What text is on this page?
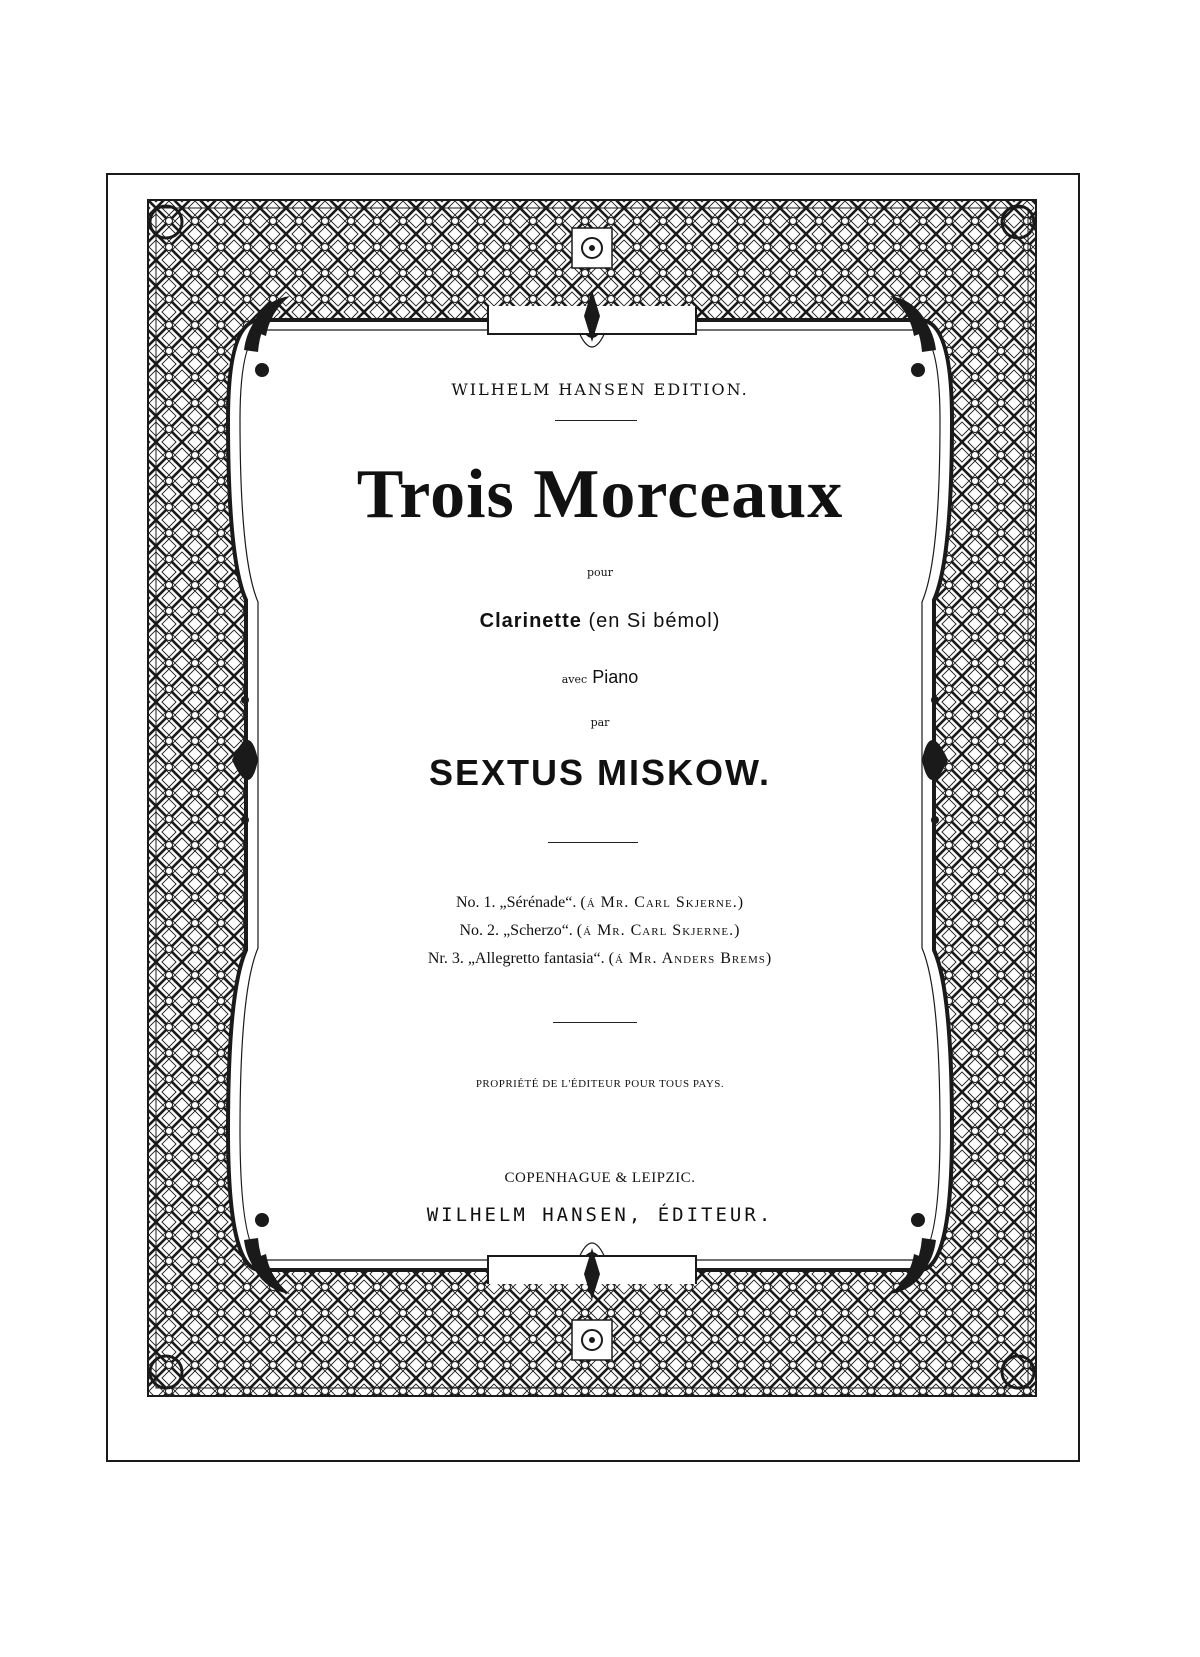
WILHELM HANSEN EDITION.
Trois Morceaux
pour
Clarinette (en Si bémol)
avec Piano
par
SEXTUS MISKOW.
No. 1. „Sérénade“. (á Mr. Carl Skjerne.)
No. 2. „Scherzo“. (á Mr. Carl Skjerne.)
Nr. 3. „Allegretto fantasia“. (á Mr. Anders Brems)
PROPRIÉTÉ DE L'ÉDITEUR POUR TOUS PAYS.
COPENHAGUE & LEIPZIC.
WILHELM HANSEN, ÉDITEUR.
